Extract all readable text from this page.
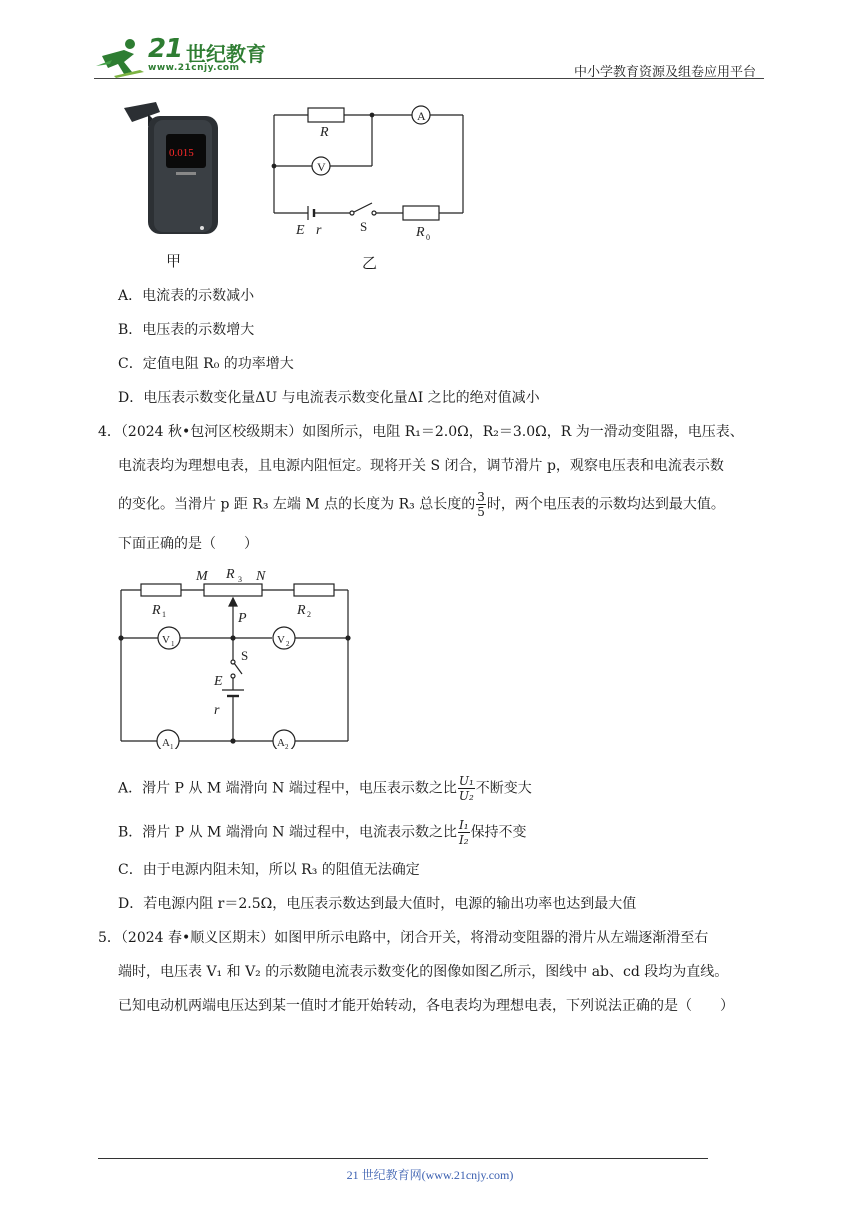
21 世纪教育
www.21cnjy.com	中小学教育资源及组卷应用平台
0.015
甲
A
V
R
E r	S	R 0
乙
A．电流表的示数减小
B．电压表的示数增大
C．定值电阻 R₀ 的功率增大
D．电压表示数变化量ΔU 与电流表示数变化量ΔI 之比的绝对值减小
4．（2024 秋•包河区校级期末）如图所示，电阻 R₁＝2.0Ω，R₂＝3.0Ω，R 为一滑动变阻器，电压表、
电流表均为理想电表，且电源内阻恒定。现将开关 S 闭合，调节滑片 p，观察电压表和电流表示数
的变化。当滑片 p 距 R₃ 左端 M 点的长度为 R₃ 总长度的 $\frac{3}{5}$ 时，两个电压表的示数均达到最大值。
下面正确的是（　　）
M R 3 N
R 1	R 2
P
S
E
r
V 1	V 2
A 1	A 2
A．滑片 P 从 M 端滑向 N 端过程中，电压表示数之比 $\frac{\text{U₁}}{\text{U₂}}$ 不断变大
B．滑片 P 从 M 端滑向 N 端过程中，电流表示数之比 $\frac{\text{I₁}}{\text{I₂}}$ 保持不变
C．由于电源内阻未知，所以 R₃ 的阻值无法确定
D．若电源内阻 r＝2.5Ω，电压表示数达到最大值时，电源的输出功率也达到最大值
5．（2024 春•顺义区期末）如图甲所示电路中，闭合开关，将滑动变阻器的滑片从左端逐渐滑至右
端时，电压表 V₁ 和 V₂ 的示数随电流表示数变化的图像如图乙所示，图线中 ab、cd 段均为直线。
已知电动机两端电压达到某一值时才能开始转动，各电表均为理想电表，下列说法正确的是（　　）
21 世纪教育网(www.21cnjy.com)
